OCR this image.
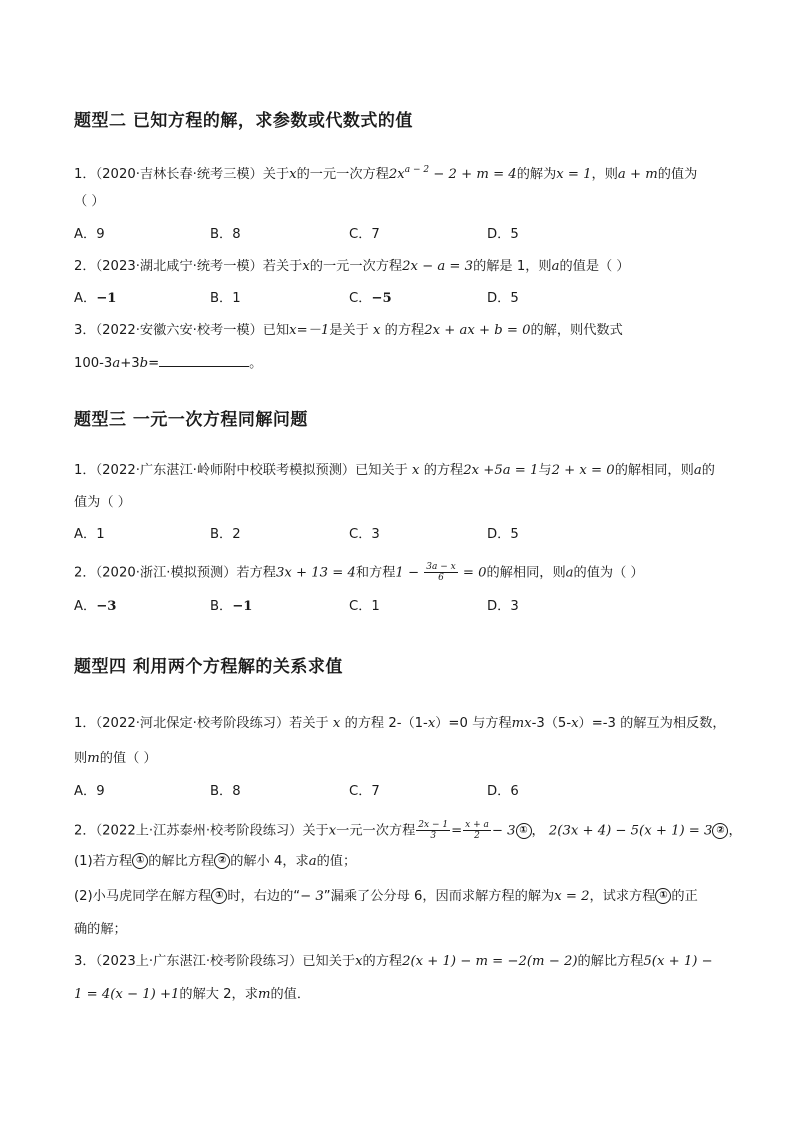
题型二 已知方程的解，求参数或代数式的值
1．（2020·吉林长春·统考三模）关于x的一元一次方程$2x^{a - 2} - 2 + m = 4$的解为x = 1，则a + m的值为
（ ）
A．9	B．8	C．7	D．5
2．（2023·湖北咸宁·统考一模）若关于x的一元一次方程2x − a = 3的解是 1，则a的值是（ ）
A．−1	B．1	C．−5	D．5
3．（2022·安徽六安·校考一模）已知x=－1是关于 x 的方程2x + ax + b = 0的解，则代数式
100-3a+3b=	。
题型三 一元一次方程同解问题
1．（2022·广东湛江·岭师附中校联考模拟预测）已知关于 x 的方程2x +5a = 1与2 + x = 0的解相同，则a的
值为（ ）
A．1	B．2	C．3	D．5
2．（2020·浙江·模拟预测）若方程3x + 13 = 4和方程$1 - \frac{3a - x}{6} = 0$的解相同，则a的值为（ ）
A．−3	B．−1	C．1	D．3
题型四 利用两个方程解的关系求值
1．（2022·河北保定·校考阶段练习）若关于 x 的方程 2-（1-x）=0 与方程mx-3（5-x）=-3 的解互为相反数，
则m的值（ ）
A．9	B．8	C．7	D．6
2．（2022上·江苏泰州·校考阶段练习）关于x一元一次方程 $\frac{2x - 1}{3} = \frac{x + a}{2} - 3$ ① ， 2(3x + 4) − 5(x + 1) = 3 ② ，
(1)若方程 ① 的解比方程 ② 的解小 4，求a的值；
(2)小马虎同学在解方程 ① 时，右边的“− 3”漏乘了公分母 6，因而求解方程的解为x = 2，试求方程 ① 的正
确的解；
3．（2023上·广东湛江·校考阶段练习）已知关于x的方程2(x + 1) − m = −2(m − 2)的解比方程5(x + 1) −
1 = 4(x − 1) +1的解大 2，求m的值．
